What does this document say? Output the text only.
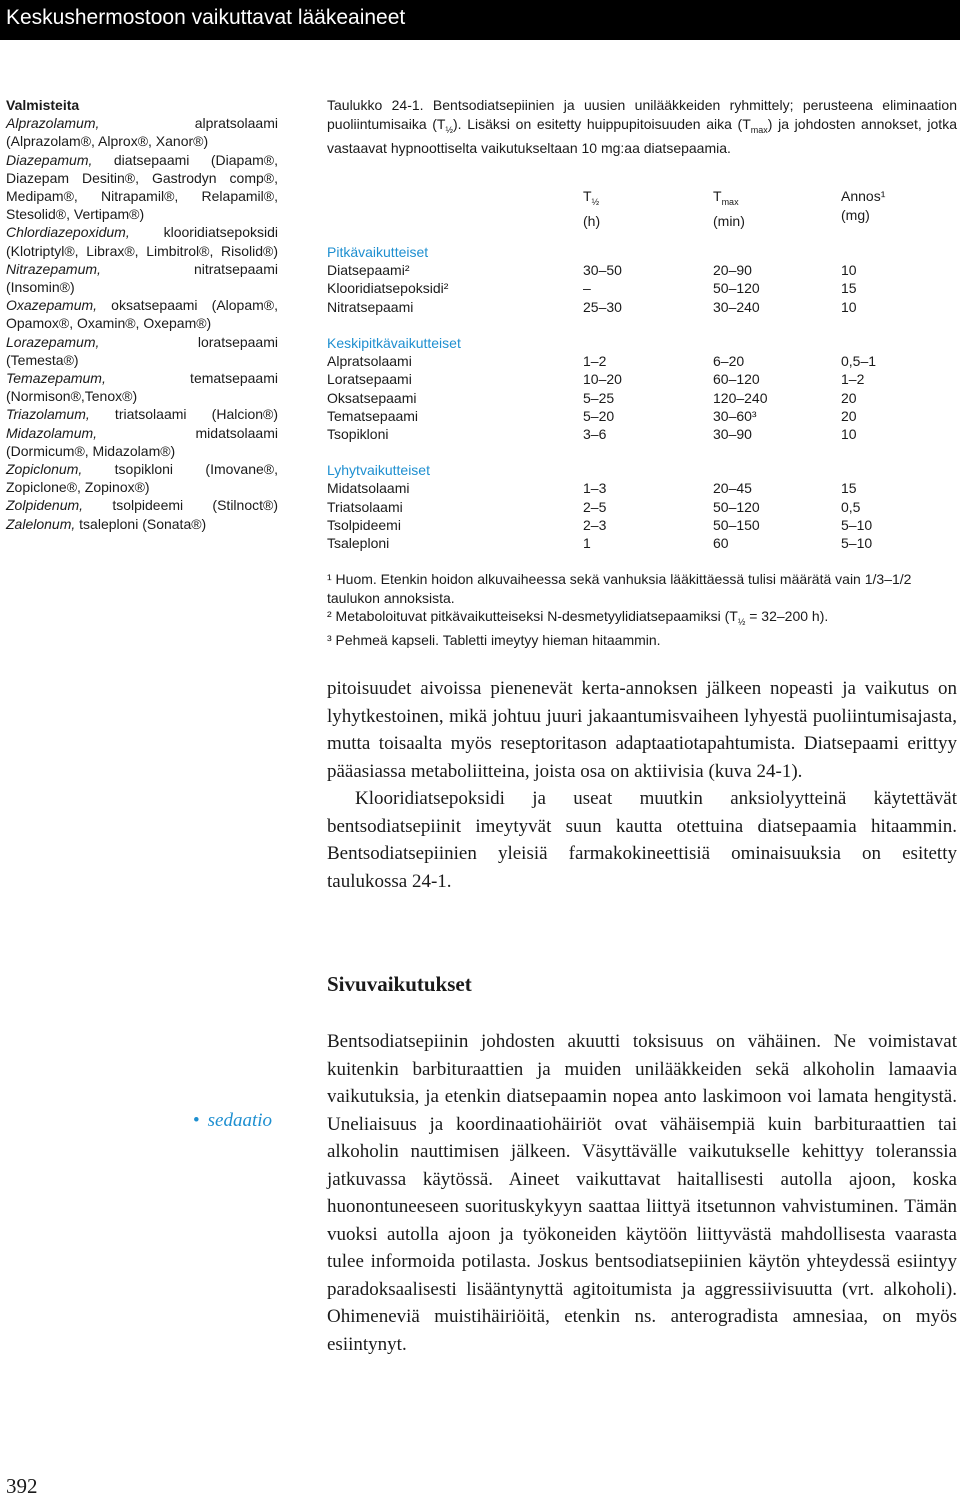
Keskushermostoon vaikuttavat lääkeaineet
Valmisteita
Alprazolamum, alpratsolaami
(Alprazolam®, Alprox®, Xanor®)
Diazepamum, diatsepaami (Diapam®,
Diazepam Desitin®, Gastrodyn comp®,
Medipam®, Nitrapamil®, Relapamil®,
Stesolid®, Vertipam®)
Chlordiazepoxidum, klooridiatsepoksidi
(Klotriptyl®, Librax®, Limbitrol®, Risolid®)
Nitrazepamum, nitratsepaami
(Insomin®)
Oxazepamum, oksatsepaami (Alopam®,
Opamox®, Oxamin®, Oxepam®)
Lorazepamum, loratsepaami
(Temesta®)
Temazepamum, tematsepaami
(Normison®,Tenox®)
Triazolamum, triatsolaami (Halcion®)
Midazolamum, midatsolaami
(Dormicum®, Midazolam®)
Zopiclonum, tsopikloni (Imovane®,
Zopiclone®, Zopinox®)
Zolpidenum, tsolpideemi (Stilnoct®)
Zalelonum, tsaleploni (Sonata®)
Taulukko 24-1. Bentsodiatsepiinien ja uusien unilääkkeiden ryhmittely; perusteena eliminaation puoliintumisaika $(T_{\frac{1}{2}})$. Lisäksi on esitetty huippupitoisuuden aika $(T_{max})$ ja johdosten annokset, jotka vastaavat hypnoottiselta vaikutukseltaan 10 mg:aa diatsepaamia.
$T_{\frac{1}{2}}$
(h)
$T_{max}$
(min)
Annos¹
(mg)
Pitkävaikutteiset
Diatsepaami²	30–50	20–90	10
Klooridiatsepoksidi²	–	50–120	15
Nitratsepaami	25–30	30–240	10
Keskipitkävaikutteiset
Alpratsolaami	1–2	6–20	0,5–1
Loratsepaami	10–20	60–120	1–2
Oksatsepaami	5–25	120–240	20
Tematsepaami	5–20	30–60³	20
Tsopikloni	3–6	30–90	10
Lyhytvaikutteiset
Midatsolaami	1–3	20–45	15
Triatsolaami	2–5	50–120	0,5
Tsolpideemi	2–3	50–150	5–10
Tsaleploni	1	60	5–10
¹ Huom. Etenkin hoidon alkuvaiheessa sekä vanhuksia lääkittäessä tulisi määrätä vain 1/3–1/2 taulukon annoksista.
² Metaboloituvat pitkävaikutteiseksi N-desmetyylidiatsepaamiksi ($T_{\frac{1}{2}} = 32-200$ h).
³ Pehmeä kapseli. Tabletti imeytyy hieman hitaammin.

pitoisuudet aivoissa pienenevät kerta-annoksen jälkeen nopeasti ja vaikutus on lyhytkestoinen, mikä johtuu juuri jakaantumisvaiheen lyhyestä puoliintumisajasta, mutta toisaalta myös reseptoritason adaptaatiotapahtumista. Diatsepaami erittyy pääasiassa metaboliitteina, joista osa on aktiivisia (kuva 24-1).

Klooridiatsepoksidi ja useat muutkin anksiolyytteinä käytettävät bentsodiatsepiinit imeytyvät suun kautta otettuina diatsepaamia hitaammin. Bentsodiatsepiinien yleisiä farmakokineettisiä ominaisuuksia on esitetty taulukossa 24-1.

Sivuvaikutukset
• sedaatio

Bentsodiatsepiinin johdosten akuutti toksisuus on vähäinen. Ne voimistavat kuitenkin barbituraattien ja muiden unilääkkeiden sekä alkoholin lamaavia vaikutuksia, ja etenkin diatsepaamin nopea anto laskimoon voi lamata hengitystä. Uneliaisuus ja koordinaatiohäiriöt ovat vähäisempiä kuin barbituraattien tai alkoholin nauttimisen jälkeen. Väsyttävälle vaikutukselle kehittyy toleranssia jatkuvassa käytössä. Aineet vaikuttavat haitallisesti autolla ajoon, koska huonontuneeseen suorituskykyyn saattaa liittyä itsetunnon vahvistuminen. Tämän vuoksi autolla ajoon ja työkoneiden käytöön liittyvästä mahdollisesta vaarasta tulee informoida potilasta. Joskus bentsodiatsepiinien käytön yhteydessä esiintyy paradoksaalisesti lisääntynyttä agitoitumista ja aggressiivisuutta (vrt. alkoholi). Ohimeneviä muistihäiriöitä, etenkin ns. anterogradista amnesiaa, on myös esiintynyt.

392
